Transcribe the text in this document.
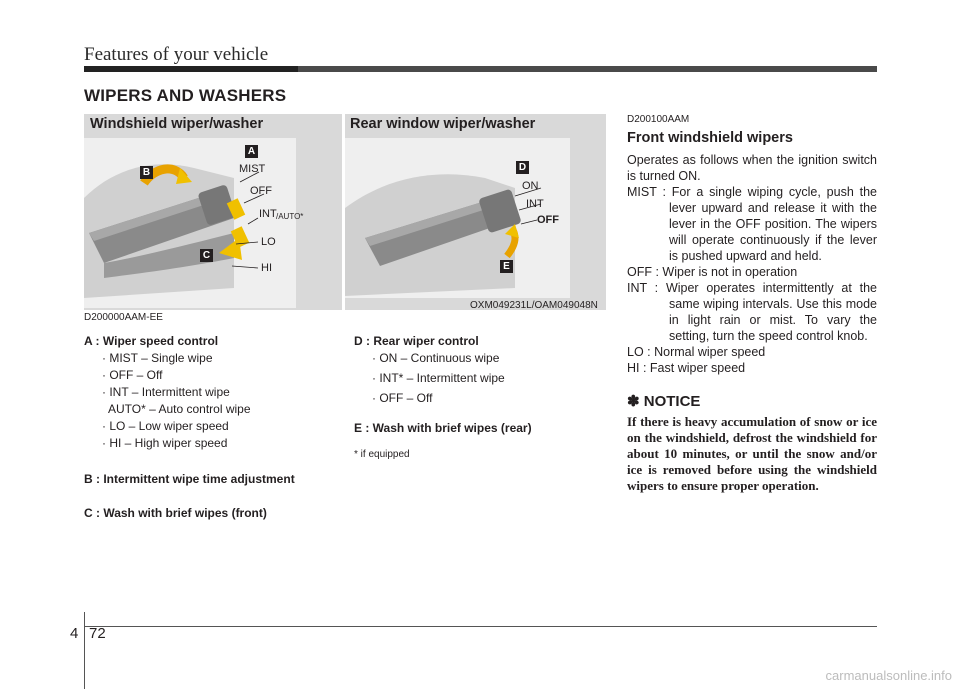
Features of your vehicle
WIPERS AND WASHERS
Windshield wiper/washer	Rear window wiper/washer
A
B
C
MIST
OFF
INT /AUTO*
LO
HI
D
E
ON
INT
OFF
D200000AAM-EE
OXM049231L/OAM049048N
A : Wiper speed control
· MIST – Single wipe
· OFF – Off
· INT – Intermittent wipe
AUTO* – Auto control wipe
· LO – Low wiper speed
· HI – High wiper speed
B : Intermittent wipe time adjustment
C : Wash with brief wipes (front)
D : Rear wiper control
· ON – Continuous wipe
· INT* – Intermittent wipe
· OFF – Off
E : Wash with brief wipes (rear)
* if equipped
D200100AAM
Front windshield wipers
Operates as follows when the ignition switch is turned ON.
MIST : For a single wiping cycle, push the lever upward and release it with the lever in the OFF position. The wipers will operate continuously if the lever is pushed upward and held.
OFF : Wiper is not in operation
INT : Wiper operates intermittently at the same wiping intervals. Use this mode in light rain or mist. To vary the setting, turn the speed control knob.
LO : Normal wiper speed
HI : Fast wiper speed
✽ NOTICE
If there is heavy accumulation of snow or ice on the windshield, defrost the windshield for about 10 minutes, or until the snow and/or ice is removed before using the windshield wipers to ensure proper operation.
4 72
carmanualsonline.info
